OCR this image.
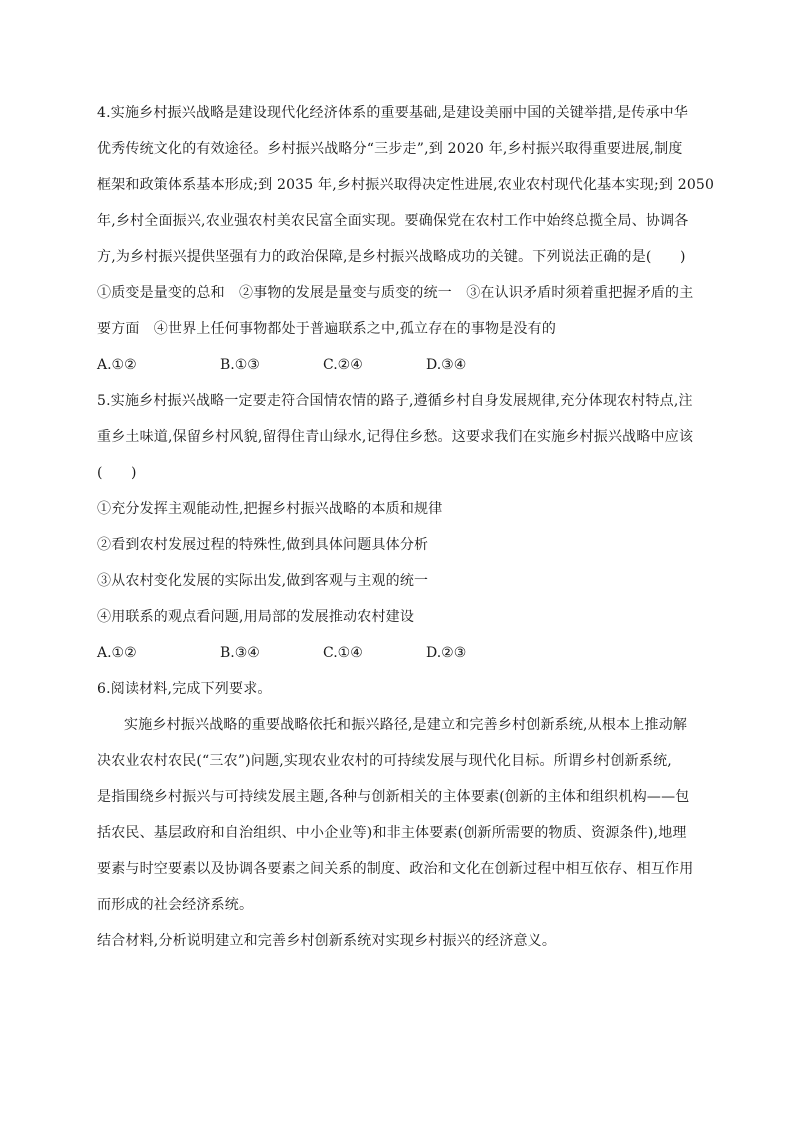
4.实施乡村振兴战略是建设现代化经济体系的重要基础,是建设美丽中国的关键举措,是传承中华
优秀传统文化的有效途径。乡村振兴战略分“三步走”,到 2020 年,乡村振兴取得重要进展,制度
框架和政策体系基本形成;到 2035 年,乡村振兴取得决定性进展,农业农村现代化基本实现;到 2050
年,乡村全面振兴,农业强农村美农民富全面实现。要确保党在农村工作中始终总揽全局、协调各
方,为乡村振兴提供坚强有力的政治保障,是乡村振兴战略成功的关键。下列说法正确的是(　　)
①质变是量变的总和　②事物的发展是量变与质变的统一　③在认识矛盾时须着重把握矛盾的主
要方面　④世界上任何事物都处于普遍联系之中,孤立存在的事物是没有的
A.①②	B.①③	C.②④	D.③④
5.实施乡村振兴战略一定要走符合国情农情的路子,遵循乡村自身发展规律,充分体现农村特点,注
重乡土味道,保留乡村风貌,留得住青山绿水,记得住乡愁。这要求我们在实施乡村振兴战略中应该
(　　)
①充分发挥主观能动性,把握乡村振兴战略的本质和规律
②看到农村发展过程的特殊性,做到具体问题具体分析
③从农村变化发展的实际出发,做到客观与主观的统一
④用联系的观点看问题,用局部的发展推动农村建设
A.①②	B.③④	C.①④	D.②③
6.阅读材料,完成下列要求。
实施乡村振兴战略的重要战略依托和振兴路径,是建立和完善乡村创新系统,从根本上推动解
决农业农村农民(“三农”)问题,实现农业农村的可持续发展与现代化目标。所谓乡村创新系统,
是指围绕乡村振兴与可持续发展主题,各种与创新相关的主体要素(创新的主体和组织机构——包
括农民、基层政府和自治组织、中小企业等)和非主体要素(创新所需要的物质、资源条件),地理
要素与时空要素以及协调各要素之间关系的制度、政治和文化在创新过程中相互依存、相互作用
而形成的社会经济系统。
结合材料,分析说明建立和完善乡村创新系统对实现乡村振兴的经济意义。
